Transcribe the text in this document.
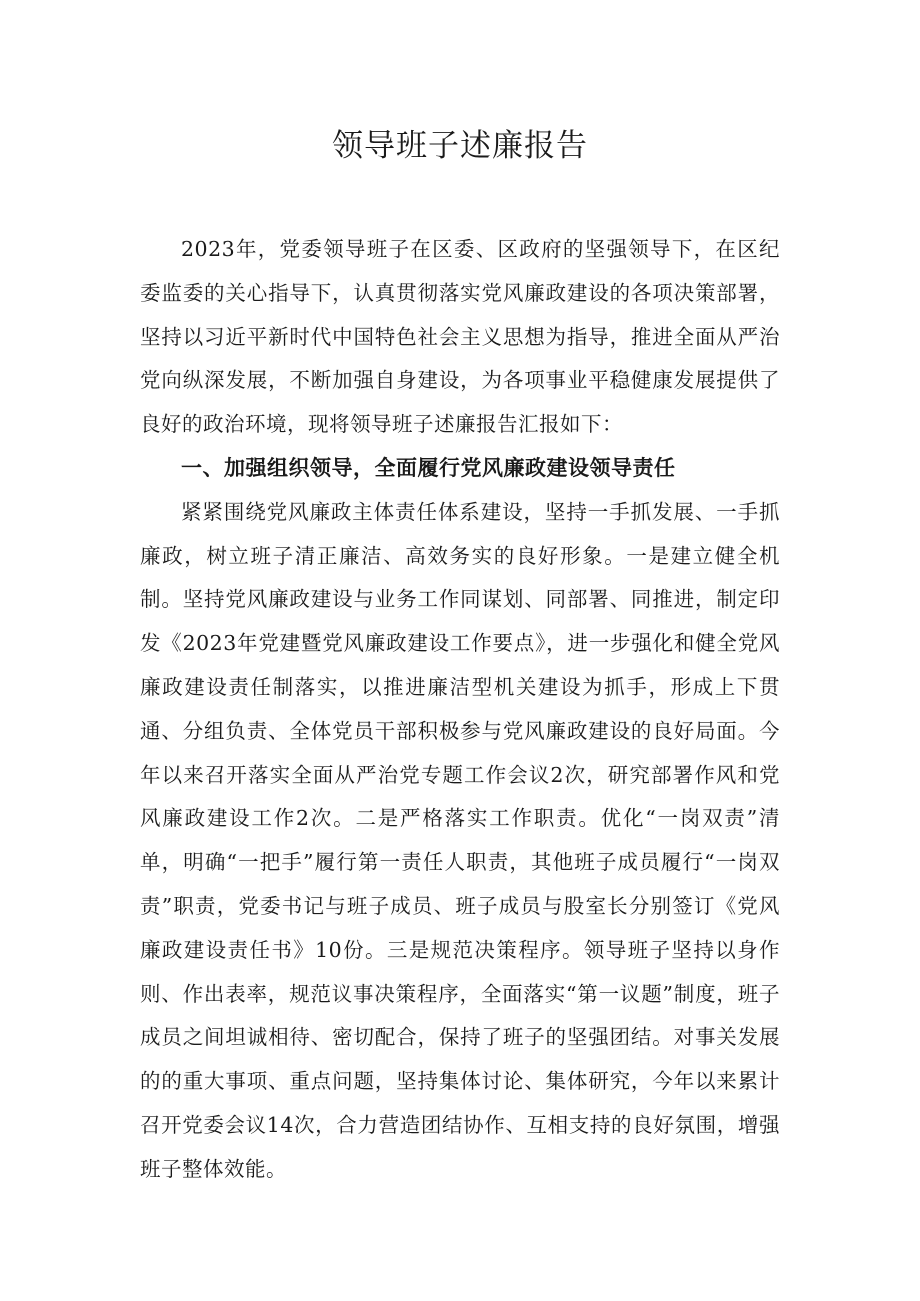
领导班子述廉报告

2023年，党委领导班子在区委、区政府的坚强领导下，在区纪委监委的关心指导下，认真贯彻落实党风廉政建设的各项决策部署，坚持以习近平新时代中国特色社会主义思想为指导，推进全面从严治党向纵深发展，不断加强自身建设，为各项事业平稳健康发展提供了良好的政治环境，现将领导班子述廉报告汇报如下：

一、加强组织领导，全面履行党风廉政建设领导责任

紧紧围绕党风廉政主体责任体系建设，坚持一手抓发展、一手抓廉政，树立班子清正廉洁、高效务实的良好形象。一是建立健全机制。坚持党风廉政建设与业务工作同谋划、同部署、同推进，制定印发《2023年党建暨党风廉政建设工作要点》，进一步强化和健全党风廉政建设责任制落实，以推进廉洁型机关建设为抓手，形成上下贯通、分组负责、全体党员干部积极参与党风廉政建设的良好局面。今年以来召开落实全面从严治党专题工作会议2次，研究部署作风和党风廉政建设工作2次。二是严格落实工作职责。优化“一岗双责”清单，明确“一把手”履行第一责任人职责，其他班子成员履行“一岗双责”职责，党委书记与班子成员、班子成员与股室长分别签订《党风廉政建设责任书》10份。三是规范决策程序。领导班子坚持以身作则、作出表率，规范议事决策程序，全面落实“第一议题”制度，班子成员之间坦诚相待、密切配合，保持了班子的坚强团结。对事关发展的的重大事项、重点问题，坚持集体讨论、集体研究，今年以来累计召开党委会议14次，合力营造团结协作、互相支持的良好氛围，增强班子整体效能。
